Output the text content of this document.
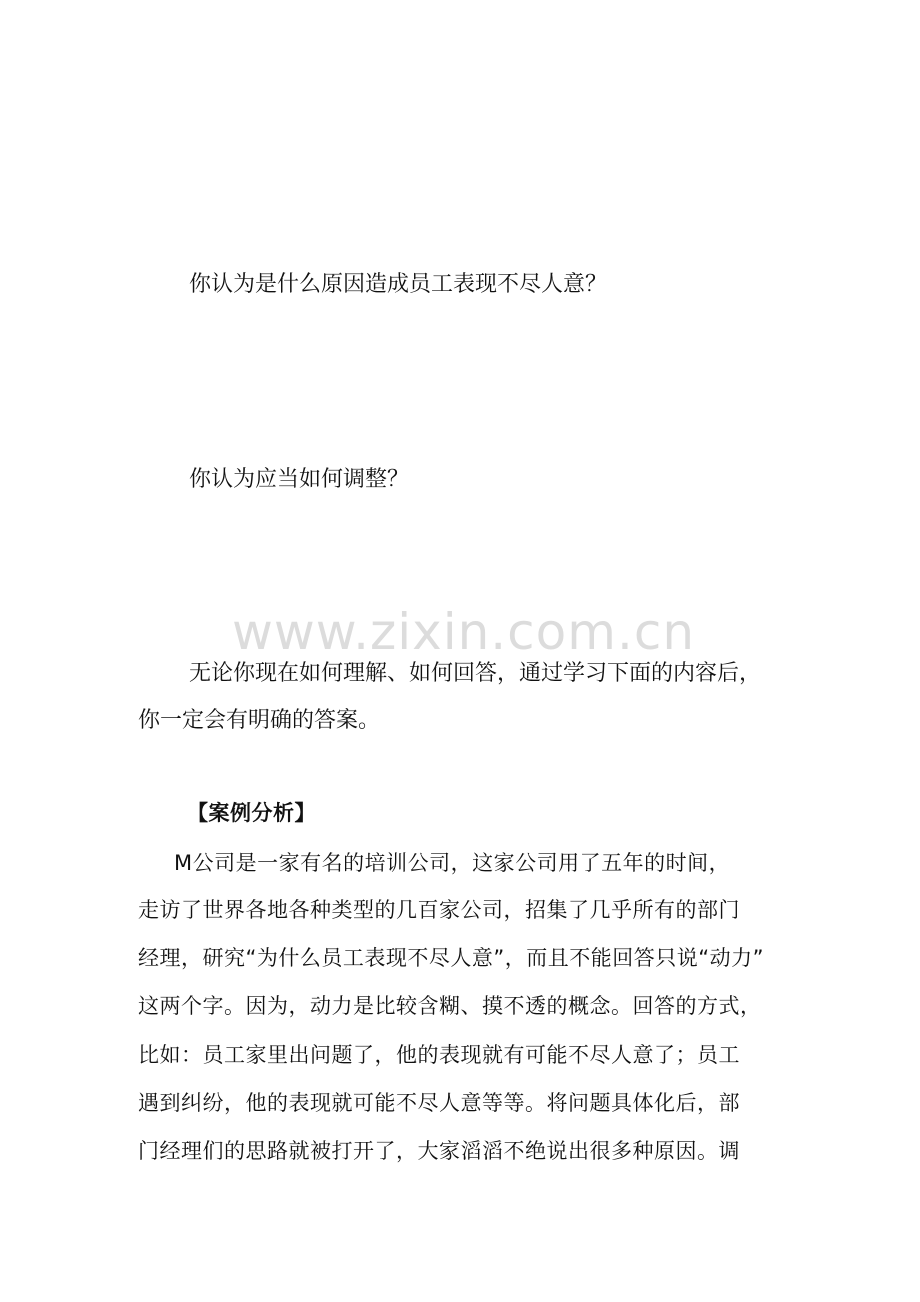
你认为是什么原因造成员工表现不尽人意？
你认为应当如何调整？
www.zixin.com.cn
无论你现在如何理解、如何回答，通过学习下面的内容后，
你一定会有明确的答案。
【案例分析】
M公司是一家有名的培训公司，这家公司用了五年的时间，
走访了世界各地各种类型的几百家公司，招集了几乎所有的部门
经理，研究“为什么员工表现不尽人意”，而且不能回答只说“动力”
这两个字。因为，动力是比较含糊、摸不透的概念。回答的方式，
比如：员工家里出问题了，他的表现就有可能不尽人意了；员工
遇到纠纷，他的表现就可能不尽人意等等。将问题具体化后，部
门经理们的思路就被打开了，大家滔滔不绝说出很多种原因。调
